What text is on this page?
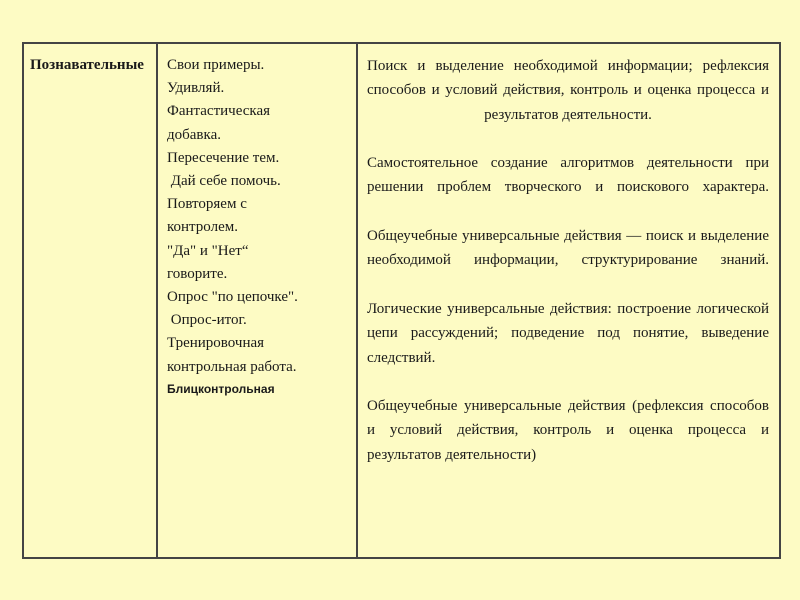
Познавательные	Свои примеры.
Удивляй.
Фантастическая
добавка.
Пересечение тем.
Дай себе помочь.
Повторяем с
контролем.
"Да" и "Нет“
говорите.
Опрос "по цепочке".
Опрос-итог.
Тренировочная
контрольная работа.
Блицконтрольная

Поиск и выделение необходимой информации; рефлексия способов и условий действия, контроль и оценка процесса и результатов деятельности.

Самостоятельное создание алгоритмов деятельности при решении проблем творческого и поискового характера.

Общеучебные универсальные действия — поиск и выделение необходимой информации, структурирование знаний.

Логические универсальные действия: построение логической цепи рассуждений; подведение под понятие, выведение следствий.

Общеучебные универсальные действия (рефлексия способов и условий действия, контроль и оценка процесса и результатов деятельности)
